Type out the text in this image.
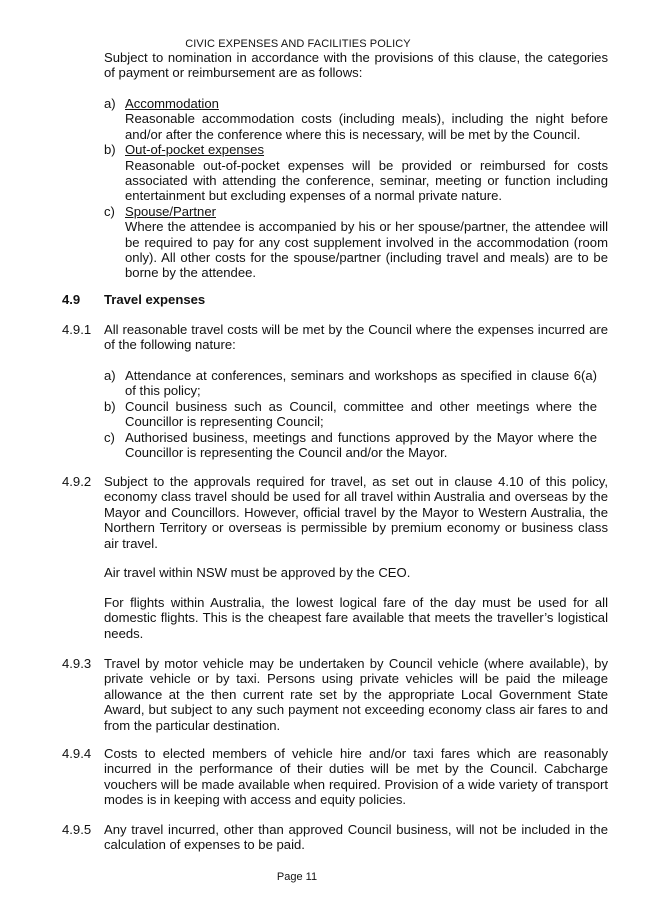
CIVIC EXPENSES AND FACILITIES POLICY

Subject to nomination in accordance with the provisions of this clause, the categories of payment or reimbursement are as follows:

a) Accommodation

Reasonable accommodation costs (including meals), including the night before and/or after the conference where this is necessary, will be met by the Council.

b) Out-of-pocket expenses

Reasonable out-of-pocket expenses will be provided or reimbursed for costs associated with attending the conference, seminar, meeting or function including entertainment but excluding expenses of a normal private nature.

c) Spouse/Partner

Where the attendee is accompanied by his or her spouse/partner, the attendee will be required to pay for any cost supplement involved in the accommodation (room only). All other costs for the spouse/partner (including travel and meals) are to be borne by the attendee.

4.9 Travel expenses
4.9.1 All reasonable travel costs will be met by the Council where the expenses incurred are of the following nature:

a) Attendance at conferences, seminars and workshops as specified in clause 6(a) of this policy;

b) Council business such as Council, committee and other meetings where the Councillor is representing Council;

c) Authorised business, meetings and functions approved by the Mayor where the Councillor is representing the Council and/or the Mayor.

4.9.2 Subject to the approvals required for travel, as set out in clause 4.10 of this policy, economy class travel should be used for all travel within Australia and overseas by the Mayor and Councillors. However, official travel by the Mayor to Western Australia, the Northern Territory or overseas is permissible by premium economy or business class air travel.

Air travel within NSW must be approved by the CEO.

For flights within Australia, the lowest logical fare of the day must be used for all domestic flights. This is the cheapest fare available that meets the traveller’s logistical needs.

4.9.3 Travel by motor vehicle may be undertaken by Council vehicle (where available), by private vehicle or by taxi. Persons using private vehicles will be paid the mileage allowance at the then current rate set by the appropriate Local Government State Award, but subject to any such payment not exceeding economy class air fares to and from the particular destination.

4.9.4 Costs to elected members of vehicle hire and/or taxi fares which are reasonably incurred in the performance of their duties will be met by the Council. Cabcharge vouchers will be made available when required. Provision of a wide variety of transport modes is in keeping with access and equity policies.

4.9.5 Any travel incurred, other than approved Council business, will not be included in the calculation of expenses to be paid.

Page 11
